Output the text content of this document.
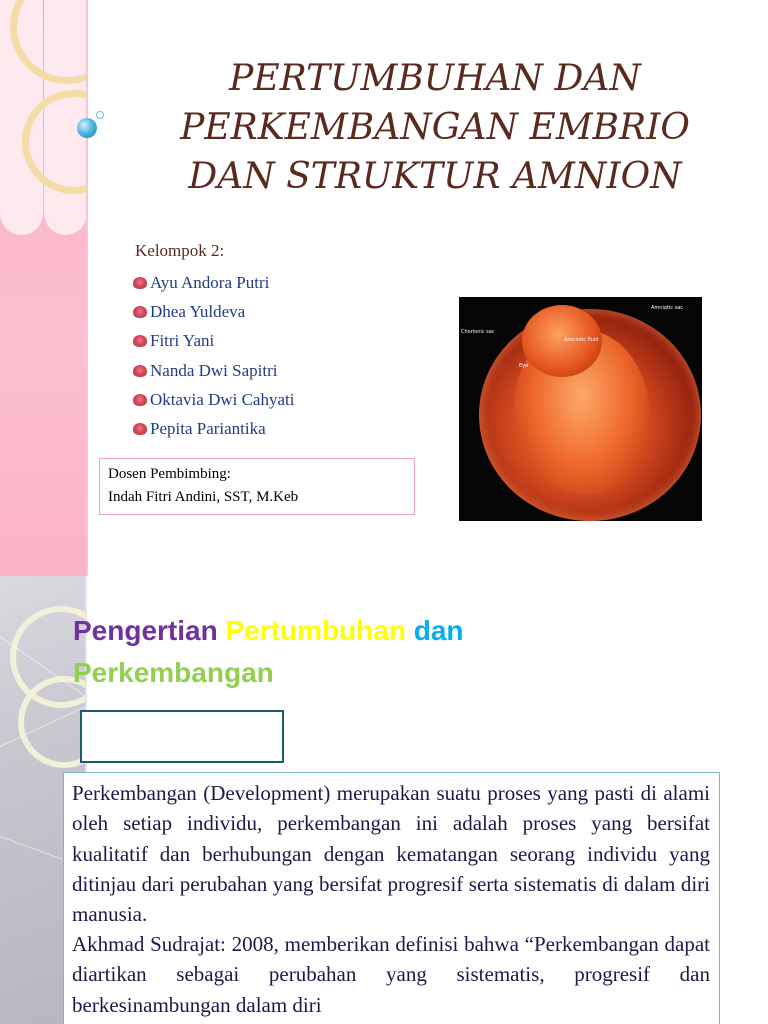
PERTUMBUHAN DAN
PERKEMBANGAN EMBRIO
DAN STRUKTUR AMNION
Kelompok 2:
Ayu Andora Putri
Dhea Yuldeva
Fitri Yani
Nanda Dwi Sapitri
Oktavia Dwi Cahyati
Pepita Pariantika
Dosen Pembimbing:
Indah Fitri Andini, SST, M.Keb
Chorionic sac
Amniotic sac
Eye
Amniotic fluid
Pengertian Pertumbuhan dan
Perkembangan

Perkembangan (Development) merupakan suatu proses yang pasti di alami oleh setiap individu, perkembangan ini adalah proses yang bersifat kualitatif dan berhubungan dengan kematangan seorang individu yang ditinjau dari perubahan yang bersifat progresif serta sistematis di dalam diri manusia.

Akhmad Sudrajat: 2008, memberikan definisi bahwa “Perkembangan dapat diartikan sebagai perubahan yang sistematis, progresif dan berkesinambungan dalam diri
